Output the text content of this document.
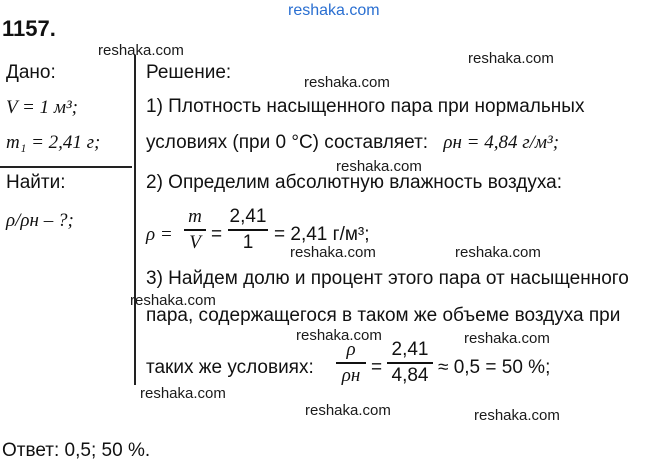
reshaka.com
1157.
Дано:
V = 1 м³;
m₁ = 2,41 г;
Найти:
ρ/ρн – ?;
Решение:
1) Плотность насыщенного пара при нормальных
условиях (при 0 °C) составляет: ρн = 4,84 г/м³;
2) Определим абсолютную влажность воздуха:
ρ =
m
V =
2,41
1	= 2,41 г/м³;
3) Найдем долю и процент этого пара от насыщенного
пара, содержащегося в таком же объеме воздуха при
таких же условиях:
ρ
ρн =
2,41
4,84 ≈ 0,5 = 50 %;
Ответ: 0,5; 50 %.
reshaka.com	reshaka.com
reshaka.com
reshaka.com
reshaka.com	reshaka.com
reshaka.com
reshaka.com	reshaka.com
reshaka.com
reshaka.com	reshaka.com
